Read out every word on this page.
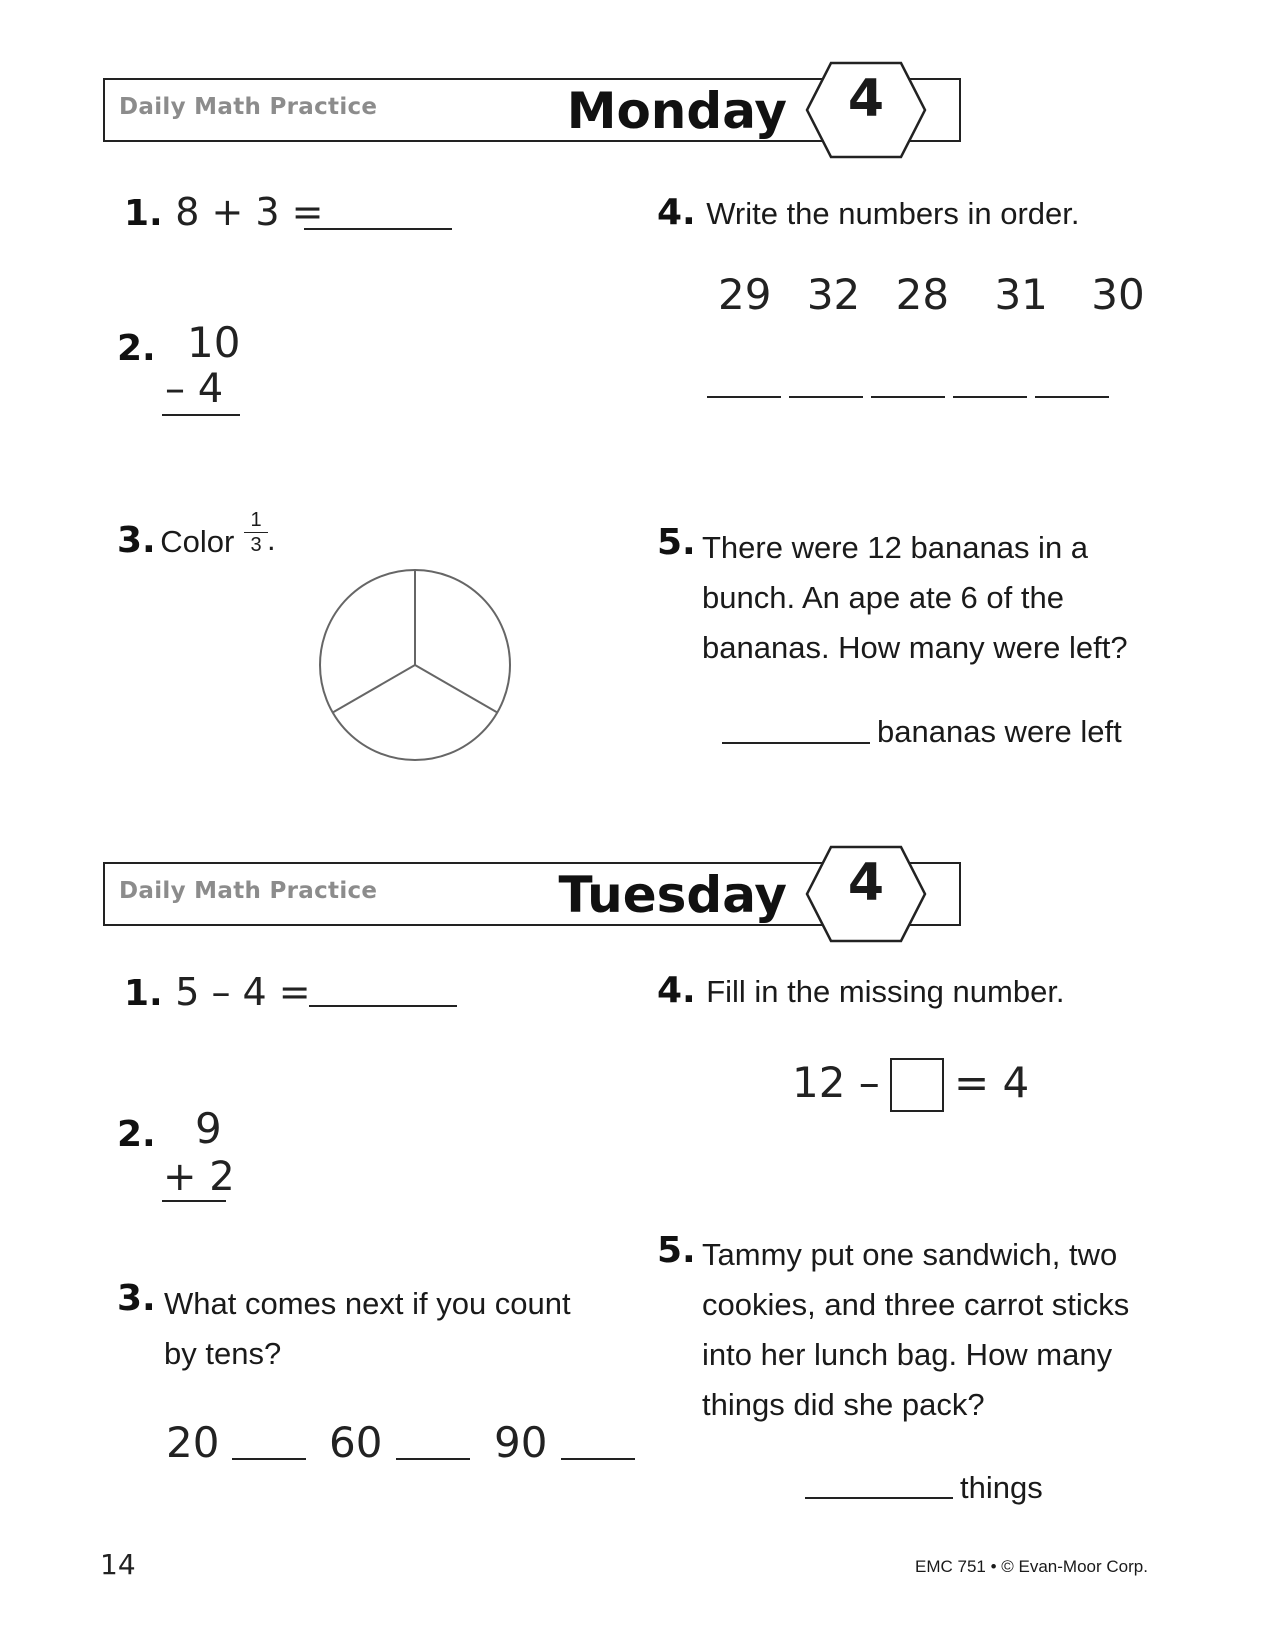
Daily Math Practice	Monday	4
1. 8 + 3 =
2. 10
– 4
3. Color $\frac{1}{3}$ .
4. Write the numbers in order.
29 32 28 31 30
5. There were 12 bananas in a
bunch. An ape ate 6 of the
bananas. How many were left?
bananas were left
Daily Math Practice	Tuesday	4
1. 5 – 4 =
2. 9
+ 2
3. What comes next if you count
by tens?
20	60	90
4. Fill in the missing number.
12 – = 4
5. Tammy put one sandwich, two
cookies, and three carrot sticks
into her lunch bag. How many
things did she pack?
things
14	EMC 751 • © Evan-Moor Corp.
